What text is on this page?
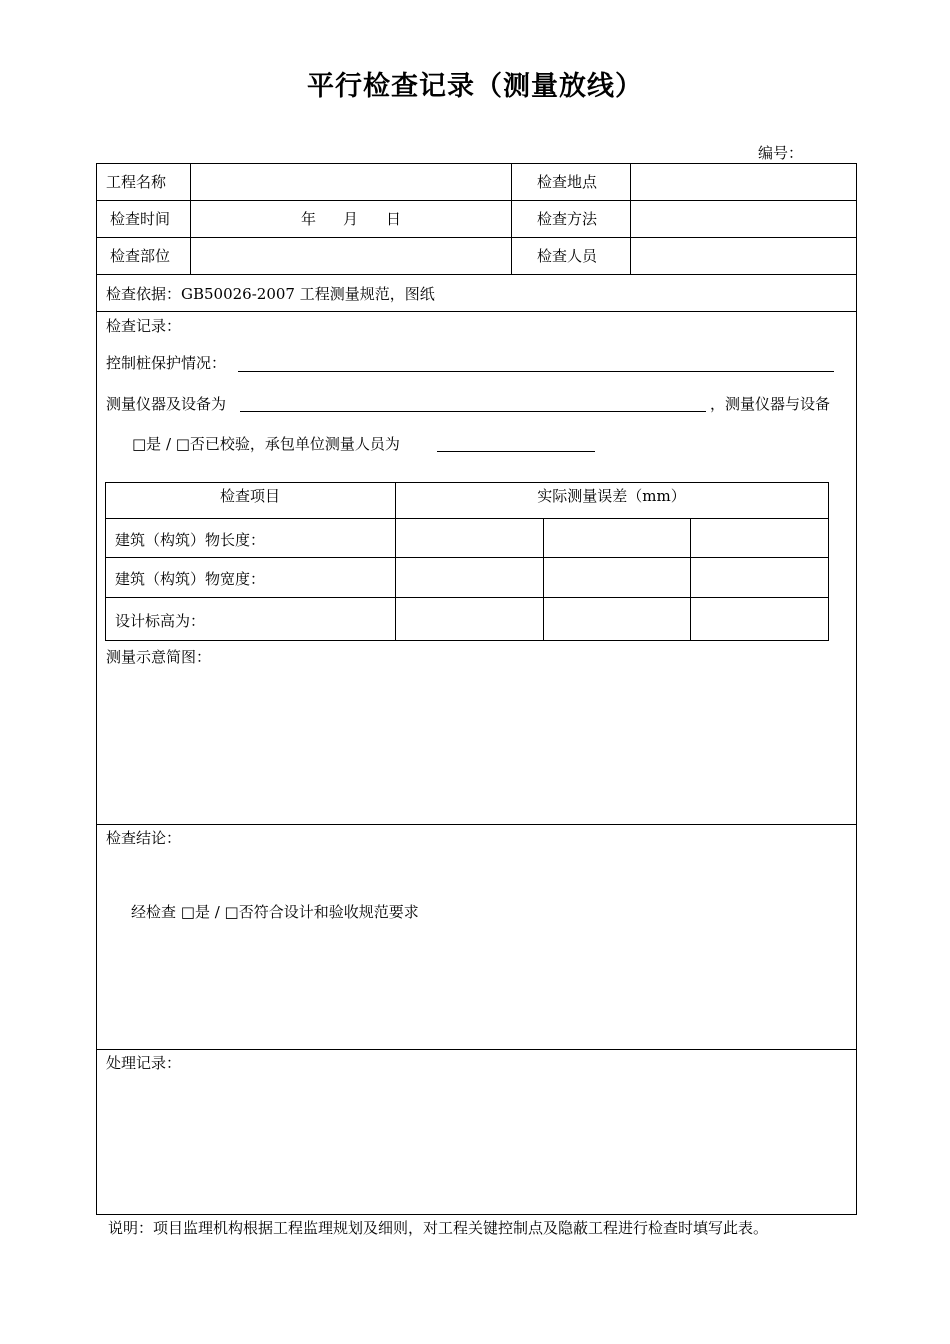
平行检查记录（测量放线）
编号：
工程名称	检查地点
检查时间	年 月 日	检查方法
检查部位	检查人员
检查依据：GB50026-2007 工程测量规范，图纸
检查记录：
控制桩保护情况：
测量仪器及设备为	，测量仪器与设备
□是 / □否已校验，承包单位测量人员为
检查项目	实际测量误差（mm）
建筑（构筑）物长度：
建筑（构筑）物宽度：
设计标高为：
测量示意简图：
检查结论：
经检查 □是 / □否符合设计和验收规范要求
处理记录：
说明：项目监理机构根据工程监理规划及细则，对工程关键控制点及隐蔽工程进行检查时填写此表。
